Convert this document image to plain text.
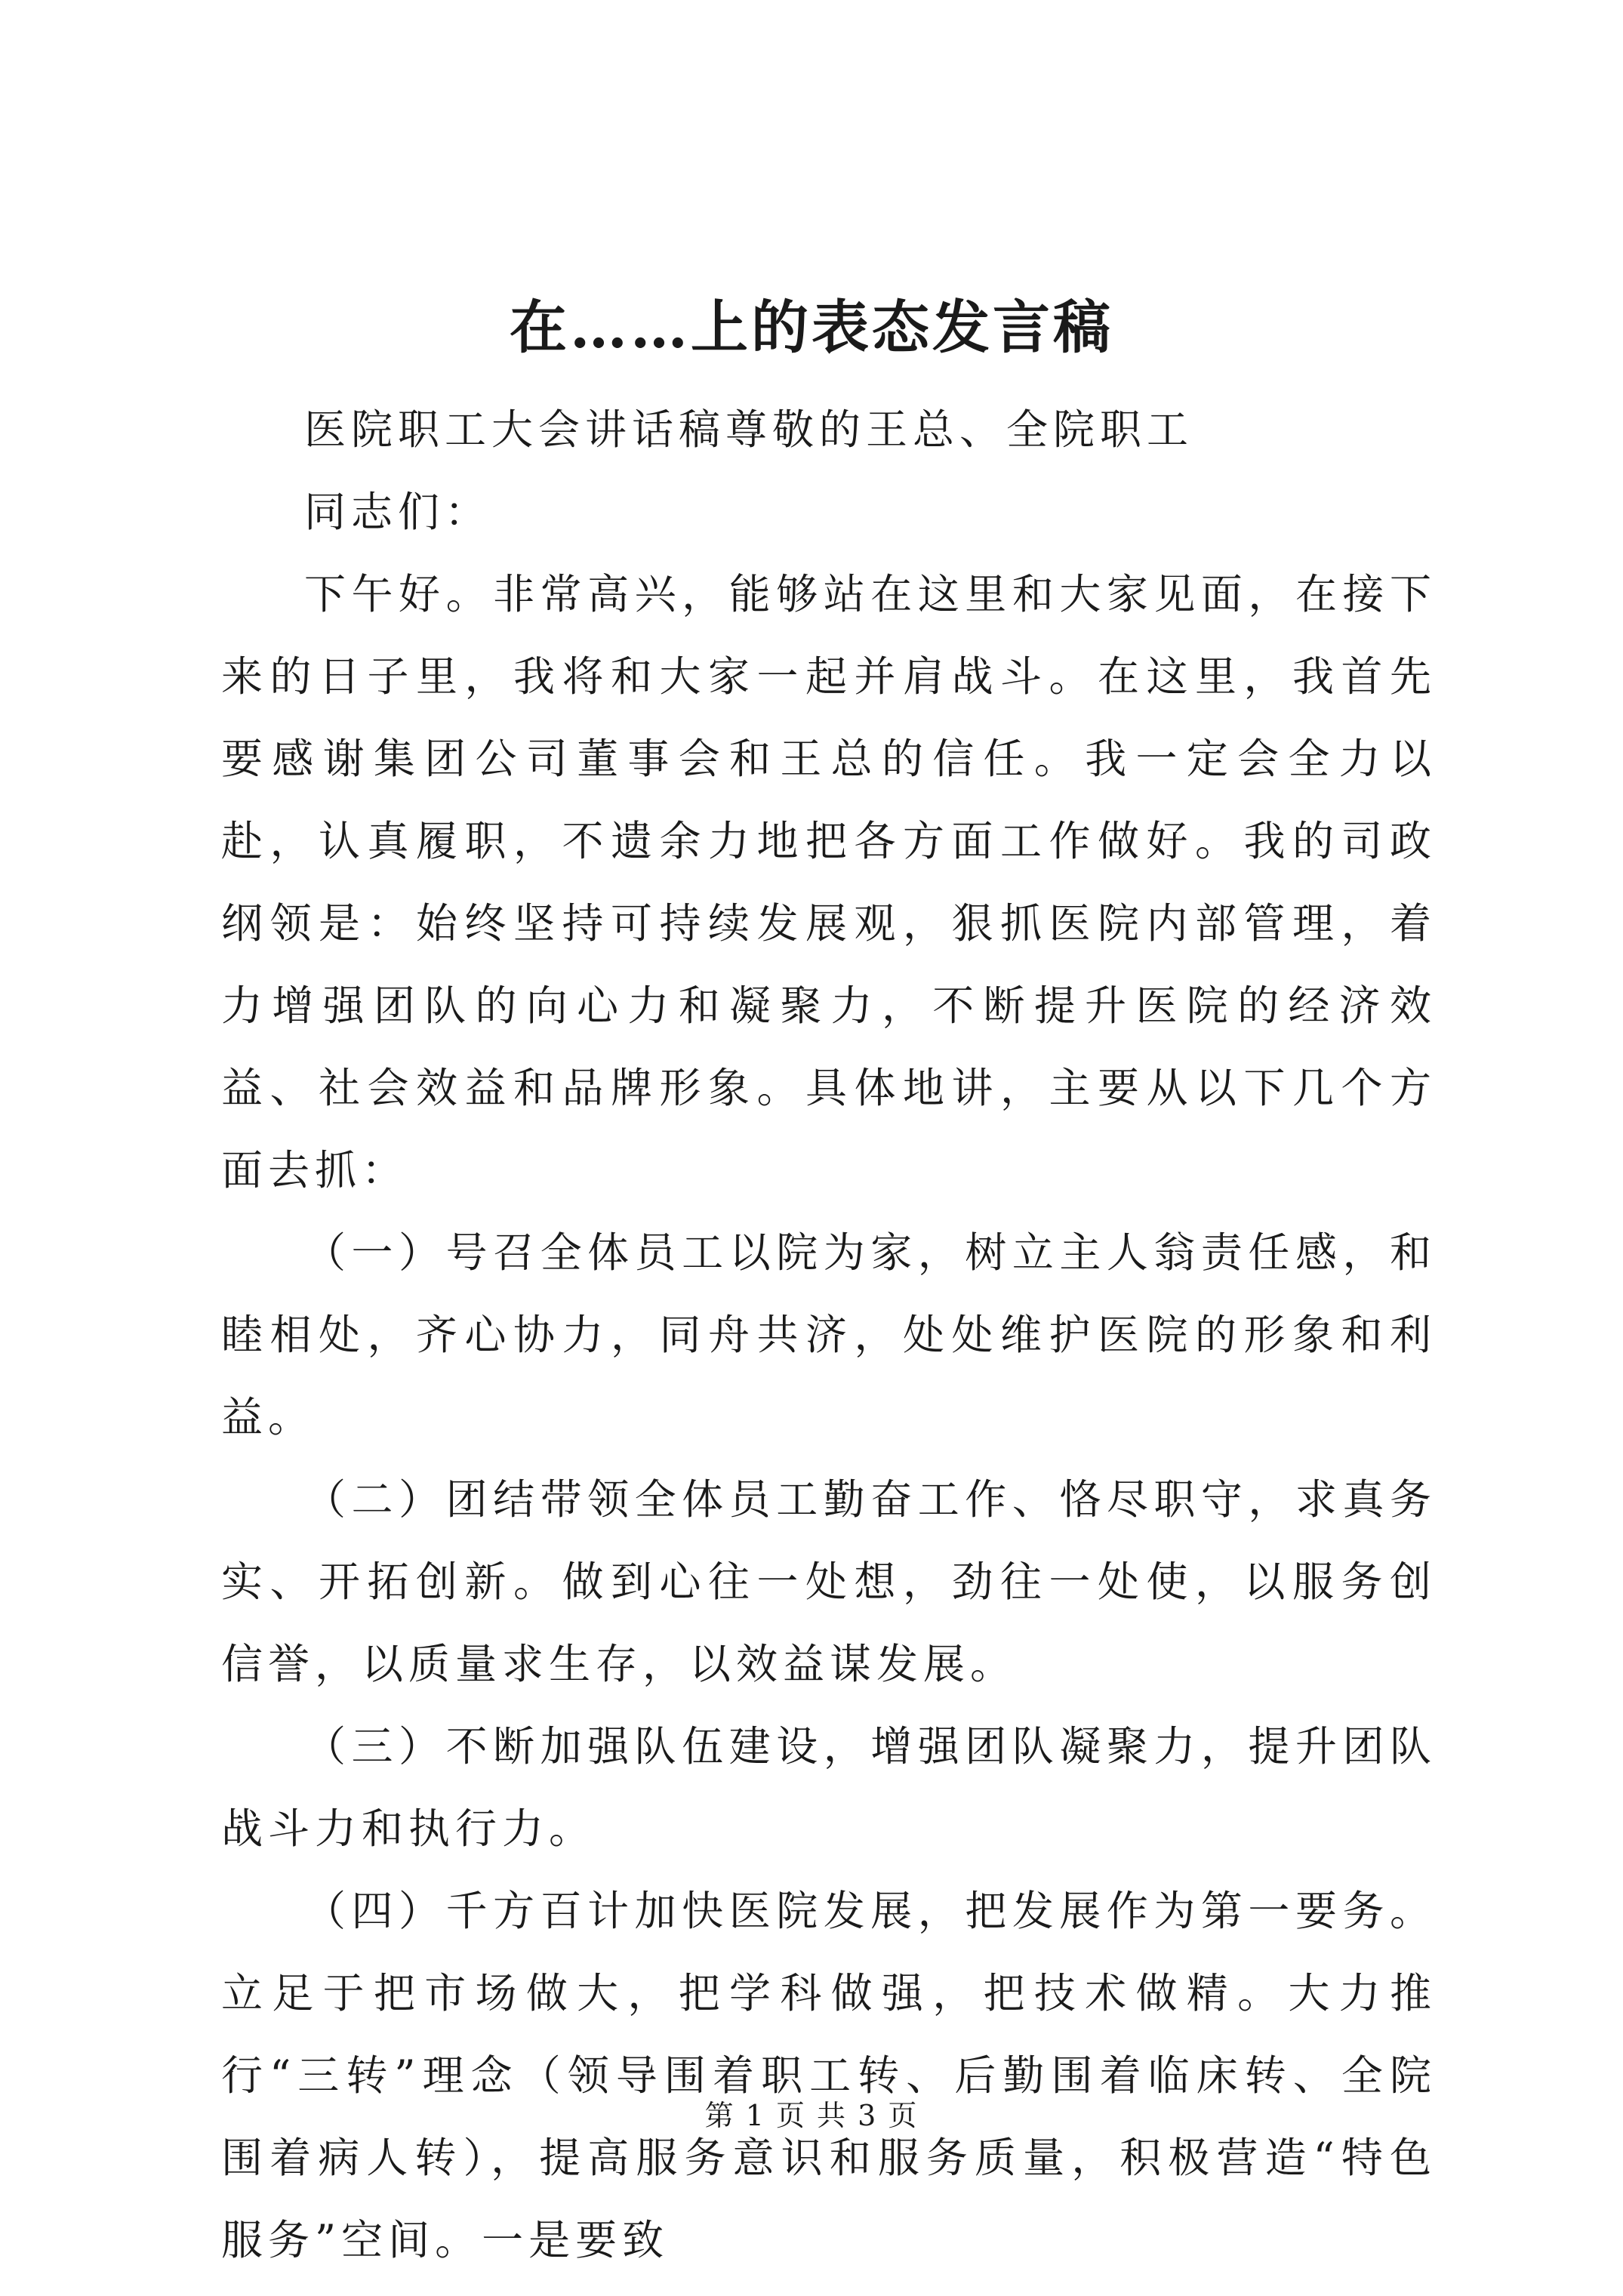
在……上的表态发言稿

医院职工大会讲话稿尊敬的王总、全院职工

同志们：

下午好。非常高兴，能够站在这里和大家见面，在接下来的日子里，我将和大家一起并肩战斗。在这里，我首先要感谢集团公司董事会和王总的信任。我一定会全力以赴，认真履职，不遗余力地把各方面工作做好。我的司政纲领是：始终坚持可持续发展观，狠抓医院内部管理，着力增强团队的向心力和凝聚力，不断提升医院的经济效益、社会效益和品牌形象。具体地讲，主要从以下几个方面去抓：

（一）号召全体员工以院为家，树立主人翁责任感，和睦相处，齐心协力，同舟共济，处处维护医院的形象和利益。

（二）团结带领全体员工勤奋工作、恪尽职守，求真务实、开拓创新。做到心往一处想，劲往一处使，以服务创信誉，以质量求生存，以效益谋发展。

（三）不断加强队伍建设，增强团队凝聚力，提升团队战斗力和执行力。

（四）千方百计加快医院发展，把发展作为第一要务。立足于把市场做大，把学科做强，把技术做精。大力推行“三转”理念（领导围着职工转、后勤围着临床转、全院围着病人转），提高服务意识和服务质量，积极营造“特色服务”空间。一是要致

第 1 页 共 3 页
